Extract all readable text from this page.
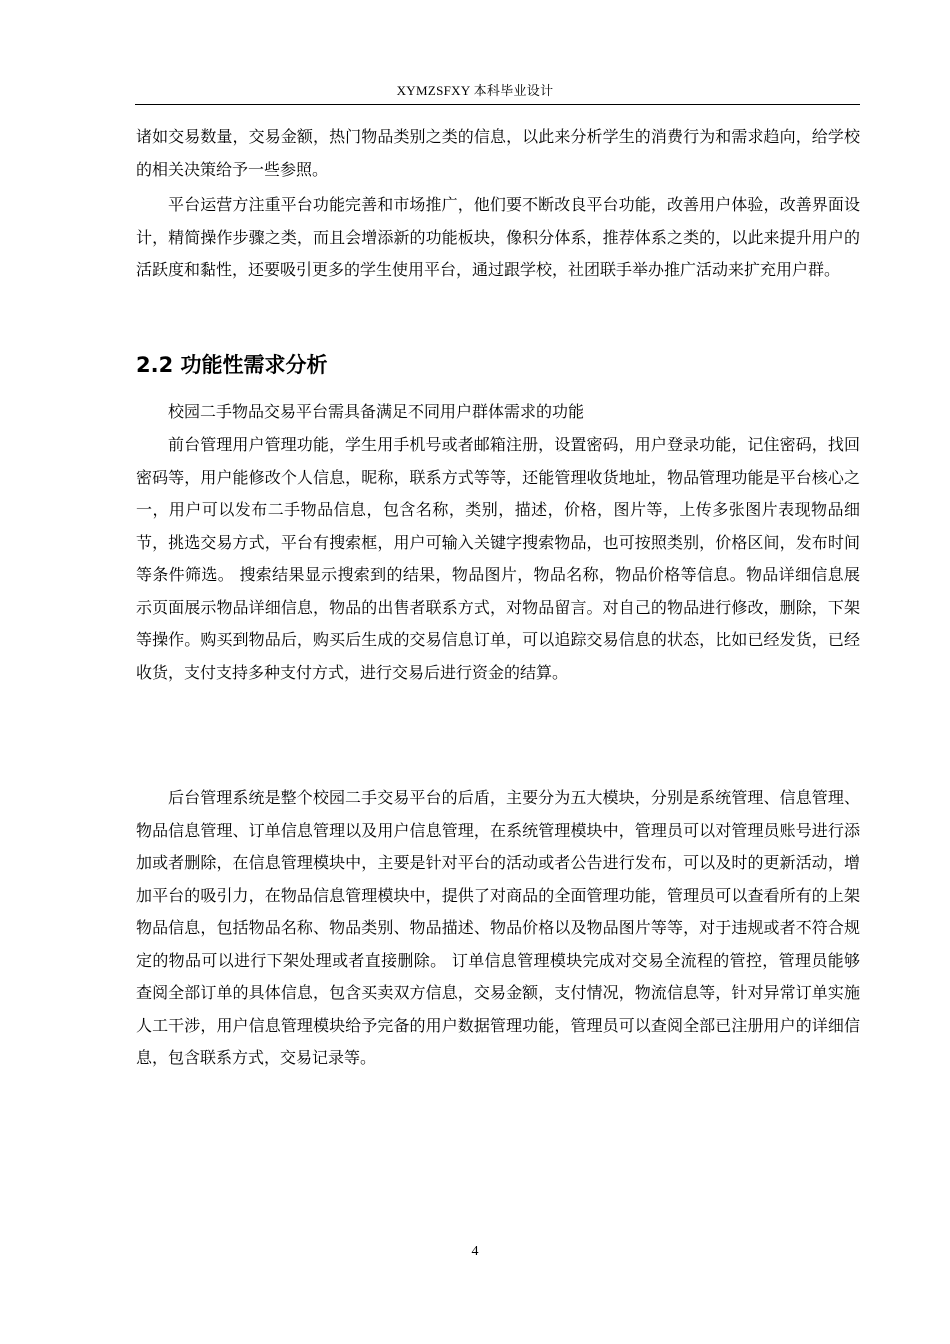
XYMZSFXY 本科毕业设计

诸如交易数量，交易金额，热门物品类别之类的信息，以此来分析学生的消费行为和需求趋向，给学校的相关决策给予一些参照。

平台运营方注重平台功能完善和市场推广，他们要不断改良平台功能，改善用户体验，改善界面设计，精简操作步骤之类，而且会增添新的功能板块，像积分体系，推荐体系之类的，以此来提升用户的活跃度和黏性，还要吸引更多的学生使用平台，通过跟学校，社团联手举办推广活动来扩充用户群。

2.2 功能性需求分析

校园二手物品交易平台需具备满足不同用户群体需求的功能

前台管理用户管理功能，学生用手机号或者邮箱注册，设置密码，用户登录功能，记住密码，找回密码等，用户能修改个人信息，昵称，联系方式等等，还能管理收货地址，物品管理功能是平台核心之一，用户可以发布二手物品信息，包含名称，类别，描述，价格，图片等，上传多张图片表现物品细节，挑选交易方式，平台有搜索框，用户可输入关键字搜索物品，也可按照类别，价格区间，发布时间等条件筛选。 搜索结果显示搜索到的结果，物品图片，物品名称，物品价格等信息。物品详细信息展示页面展示物品详细信息，物品的出售者联系方式，对物品留言。对自己的物品进行修改，删除，下架等操作。购买到物品后，购买后生成的交易信息订单，可以追踪交易信息的状态，比如已经发货，已经收货，支付支持多种支付方式，进行交易后进行资金的结算。

后台管理系统是整个校园二手交易平台的后盾，主要分为五大模块，分别是系统管理、信息管理、物品信息管理、订单信息管理以及用户信息管理，在系统管理模块中，管理员可以对管理员账号进行添加或者删除，在信息管理模块中，主要是针对平台的活动或者公告进行发布，可以及时的更新活动，增加平台的吸引力，在物品信息管理模块中，提供了对商品的全面管理功能，管理员可以查看所有的上架物品信息，包括物品名称、物品类别、物品描述、物品价格以及物品图片等等，对于违规或者不符合规定的物品可以进行下架处理或者直接删除。 订单信息管理模块完成对交易全流程的管控，管理员能够查阅全部订单的具体信息，包含买卖双方信息，交易金额，支付情况，物流信息等，针对异常订单实施人工干涉，用户信息管理模块给予完备的用户数据管理功能，管理员可以查阅全部已注册用户的详细信息，包含联系方式，交易记录等。

4
